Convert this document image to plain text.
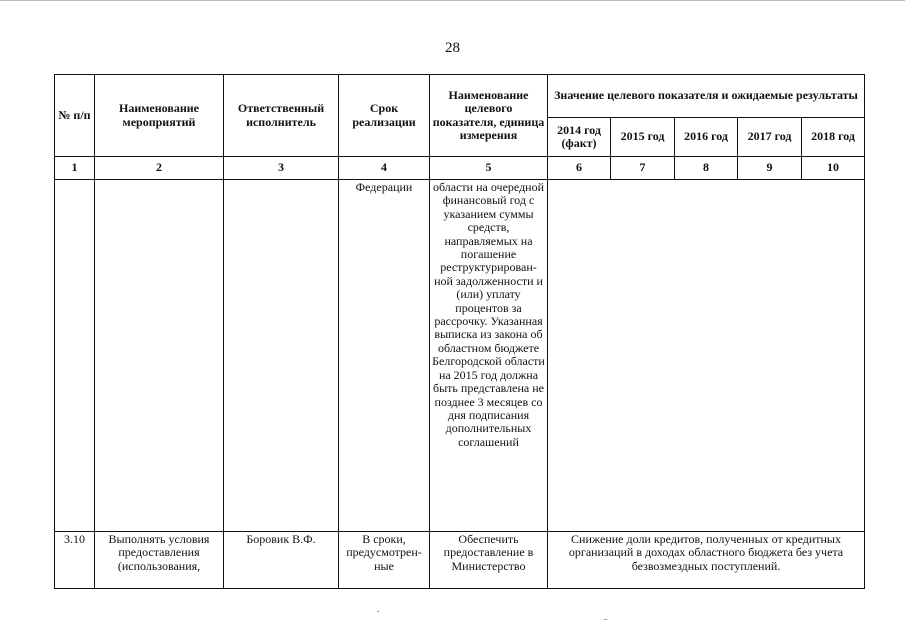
28
№ п/п	Наименование мероприятий	Ответственный исполнитель	Срок реализации	Наименование целевого показателя, единица измерения	Значение целевого показателя и ожидаемые результаты				
					2014 год (факт)	2015 год	2016 год	2017 год	2018 год
1	2	3	4	5	6	7	8	9	10
			Федерации	области на очередной финансовый год с указанием суммы средств, направляемых на погашение реструктурирован-ной задолженности и (или) уплату процентов за рассрочку. Указанная выписка из закона об областном бюджете Белгородской области на 2015 год должна быть представлена не позднее 3 месяцев со дня подписания дополнительных соглашений					
3.10	Выполнять условия предоставления (использования,	Боровик В.Ф.	В сроки, предусмотрен-ные	Обеспечить предоставление в Министерство	Снижение доли кредитов, полученных от кредитных организаций в доходах областного бюджета без учета безвозмездных поступлений.				
.
